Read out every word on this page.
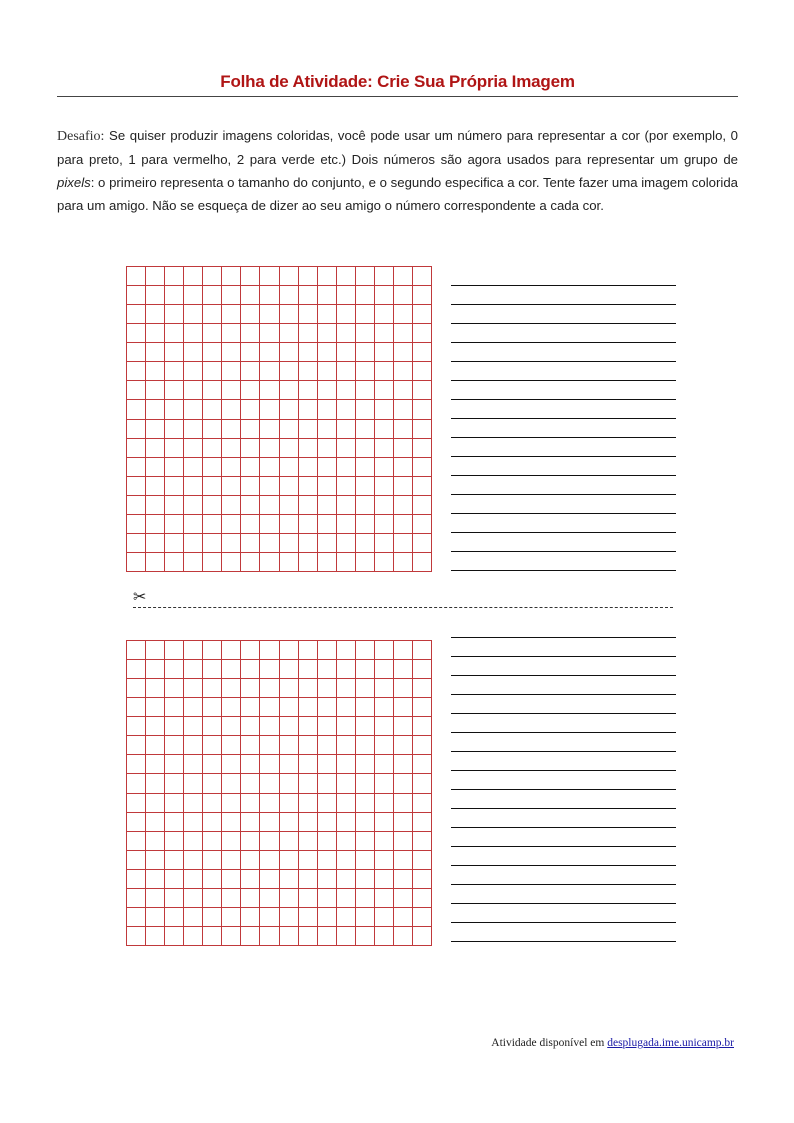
Folha de Atividade: Crie Sua Própria Imagem
Desafio: Se quiser produzir imagens coloridas, você pode usar um número para representar a cor (por exemplo, 0 para preto, 1 para vermelho, 2 para verde etc.) Dois números são agora usados para representar um grupo de pixels: o primeiro representa o tamanho do conjunto, e o segundo especifica a cor. Tente fazer uma imagem colorida para um amigo. Não se esqueça de dizer ao seu amigo o número correspondente a cada cor.
✂
Atividade disponível em desplugada.ime.unicamp.br
